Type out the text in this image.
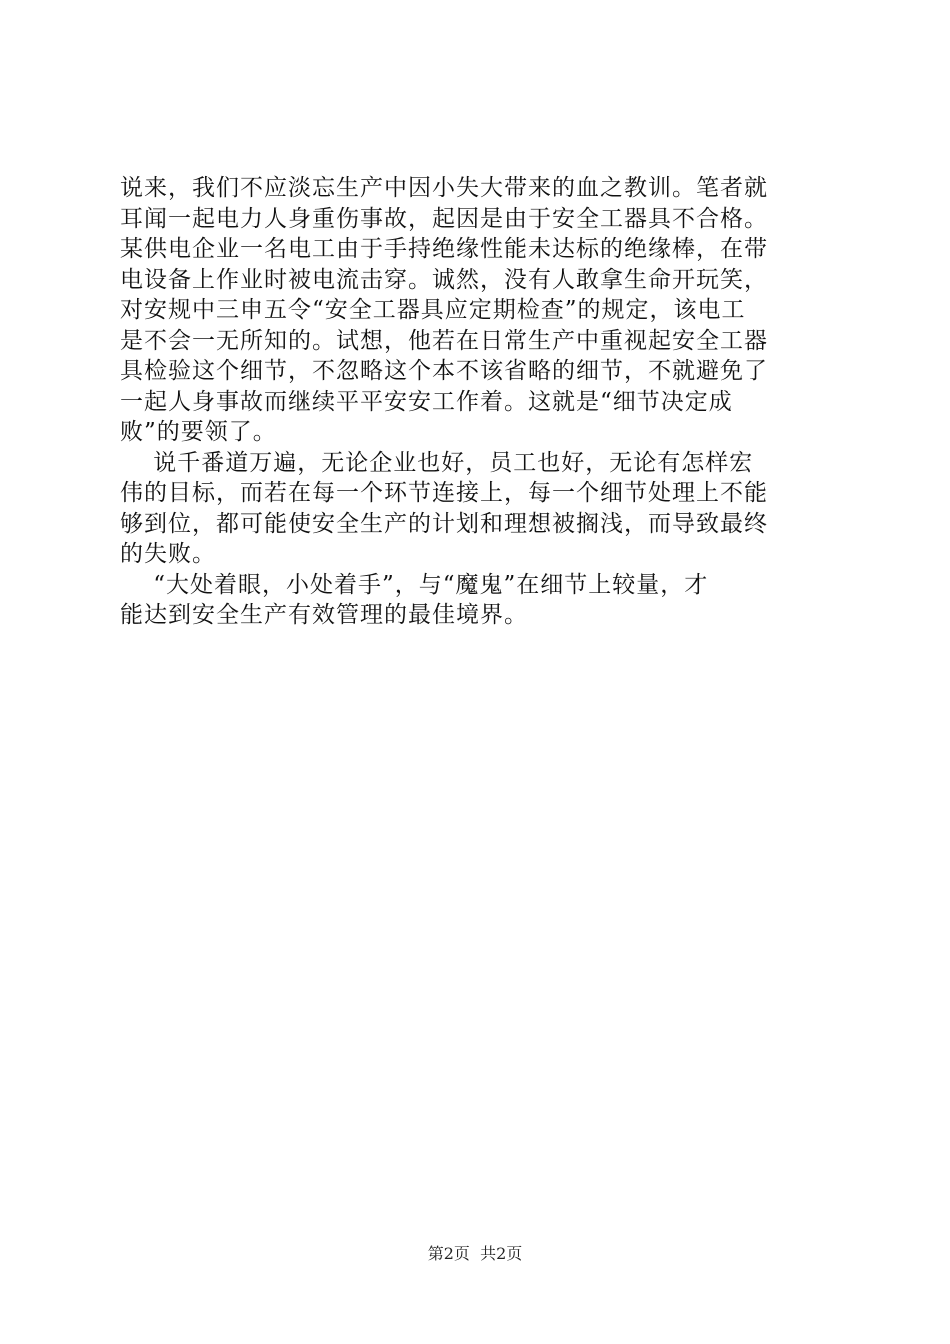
说来，我们不应淡忘生产中因小失大带来的血之教训。笔者就
耳闻一起电力人身重伤事故，起因是由于安全工器具不合格。
某供电企业一名电工由于手持绝缘性能未达标的绝缘棒，在带
电设备上作业时被电流击穿。诚然，没有人敢拿生命开玩笑，
对安规中三申五令“安全工器具应定期检查”的规定，该电工
是不会一无所知的。试想，他若在日常生产中重视起安全工器
具检验这个细节，不忽略这个本不该省略的细节，不就避免了
一起人身事故而继续平平安安工作着。这就是“细节决定成
败”的要领了。
说千番道万遍，无论企业也好，员工也好，无论有怎样宏
伟的目标，而若在每一个环节连接上，每一个细节处理上不能
够到位，都可能使安全生产的计划和理想被搁浅，而导致最终
的失败。
“大处着眼，小处着手”，与“魔鬼”在细节上较量，才
能达到安全生产有效管理的最佳境界。
第2页  共2页
